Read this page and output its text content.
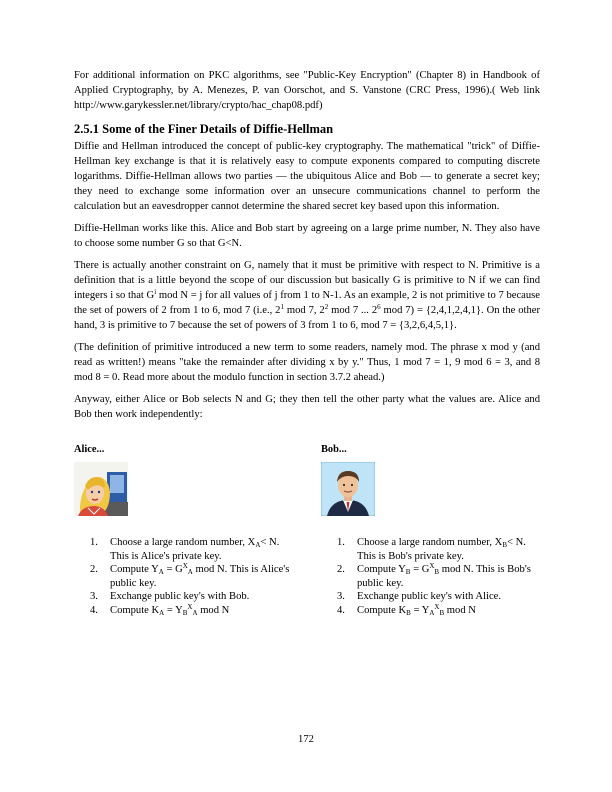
For additional information on PKC algorithms, see "Public-Key Encryption" (Chapter 8) in Handbook of Applied Cryptography, by A. Menezes, P. van Oorschot, and S. Vanstone (CRC Press, 1996).( Web link http://www.garykessler.net/library/crypto/hac_chap08.pdf)

2.5.1 Some of the Finer Details of Diffie-Hellman

Diffie and Hellman introduced the concept of public-key cryptography. The mathematical "trick" of Diffie-Hellman key exchange is that it is relatively easy to compute exponents compared to computing discrete logarithms. Diffie-Hellman allows two parties — the ubiquitous Alice and Bob — to generate a secret key; they need to exchange some information over an unsecure communications channel to perform the calculation but an eavesdropper cannot determine the shared secret key based upon this information.

Diffie-Hellman works like this. Alice and Bob start by agreeing on a large prime number, N. They also have to choose some number G so that G<N.

There is actually another constraint on G, namely that it must be primitive with respect to N. Primitive is a definition that is a little beyond the scope of our discussion but basically G is primitive to N if we can find integers i so that $G^i$ mod N = j for all values of j from 1 to N-1. As an example, 2 is not primitive to 7 because the set of powers of 2 from 1 to 6, mod 7 (i.e., $2^1$ mod 7, $2^2$ mod 7 ... $2^6$ mod 7) = {2,4,1,2,4,1}. On the other hand, 3 is primitive to 7 because the set of powers of 3 from 1 to 6, mod 7 = {3,2,6,4,5,1}.

(The definition of primitive introduced a new term to some readers, namely mod. The phrase x mod y (and read as written!) means "take the remainder after dividing x by y." Thus, 1 mod 7 = 1, 9 mod 6 = 3, and 8 mod 8 = 0. Read more about the modulo function in section 3.7.2 ahead.)

Anyway, either Alice or Bob selects N and G; they then tell the other party what the values are. Alice and Bob then work independently:

Alice...
1. Choose a large random number, $X_A< N$. This is Alice's private key.
2. Compute $Y_A = G^X_A$ mod N. This is Alice's public key.
3. Exchange public key's with Bob.
4. Compute $K_A = Y_B^X_A$ mod N
Bob...
1. Choose a large random number, $X_B< N$. This is Bob's private key.
2. Compute $Y_B = G^X_B$ mod N. This is Bob's public key.
3. Exchange public key's with Alice.
4. Compute $K_B = Y_A^X_B$ mod N
172
